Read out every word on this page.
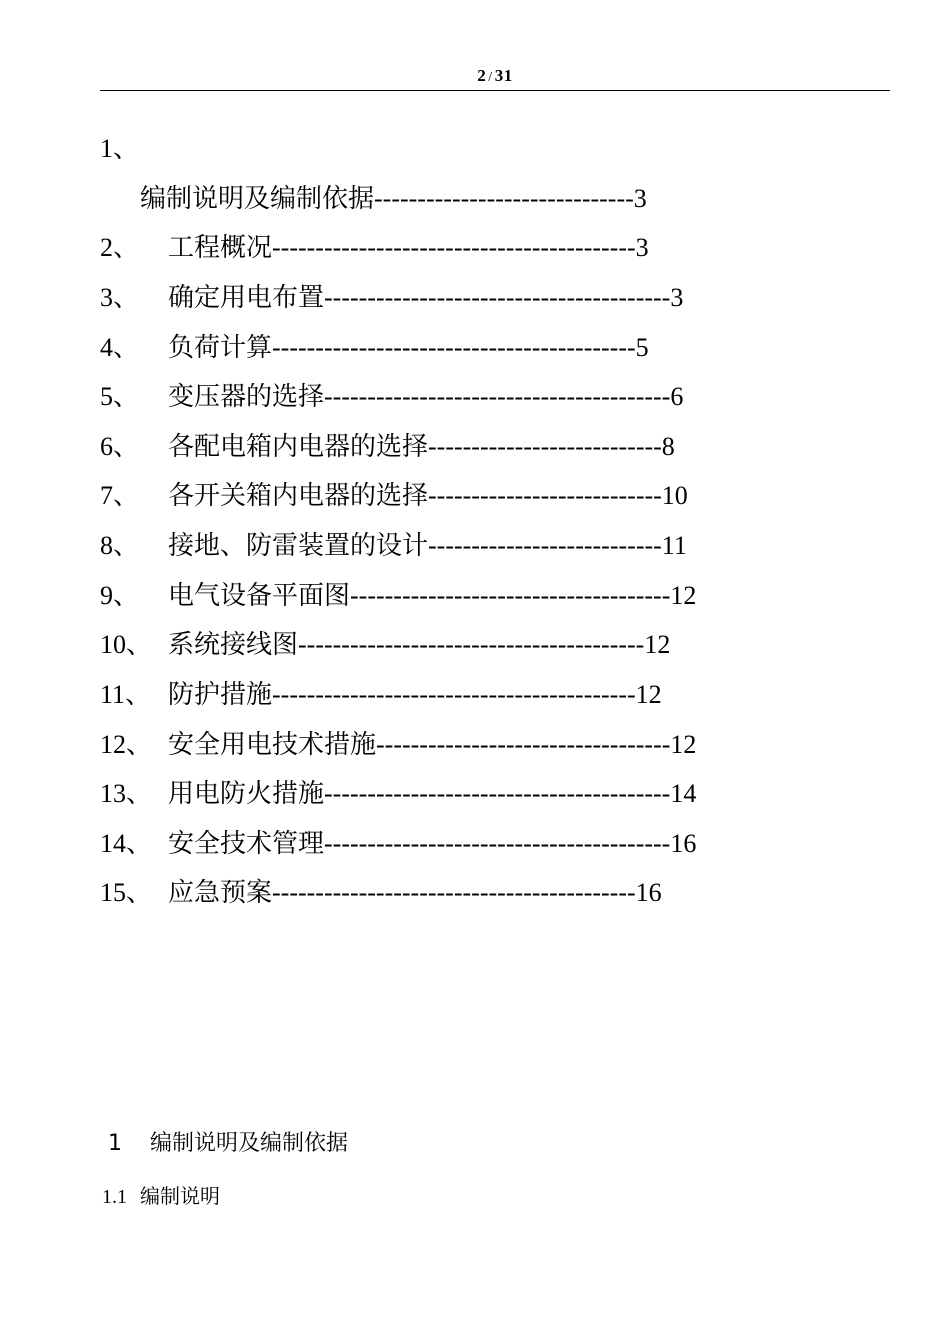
2 / 31
1、
编制说明及编制依据------------------------------3
2、 工程概况------------------------------------------3
3、 确定用电布置----------------------------------------3
4、 负荷计算------------------------------------------5
5、 变压器的选择----------------------------------------6
6、 各配电箱内电器的选择---------------------------8
7、 各开关箱内电器的选择---------------------------10
8、 接地、防雷装置的设计---------------------------11
9、 电气设备平面图-------------------------------------12
10、 系统接线图----------------------------------------12
11、 防护措施------------------------------------------12
12、 安全用电技术措施----------------------------------12
13、 用电防火措施----------------------------------------14
14、 安全技术管理----------------------------------------16
15、 应急预案------------------------------------------16
1 编制说明及编制依据
1.1 编制说明
